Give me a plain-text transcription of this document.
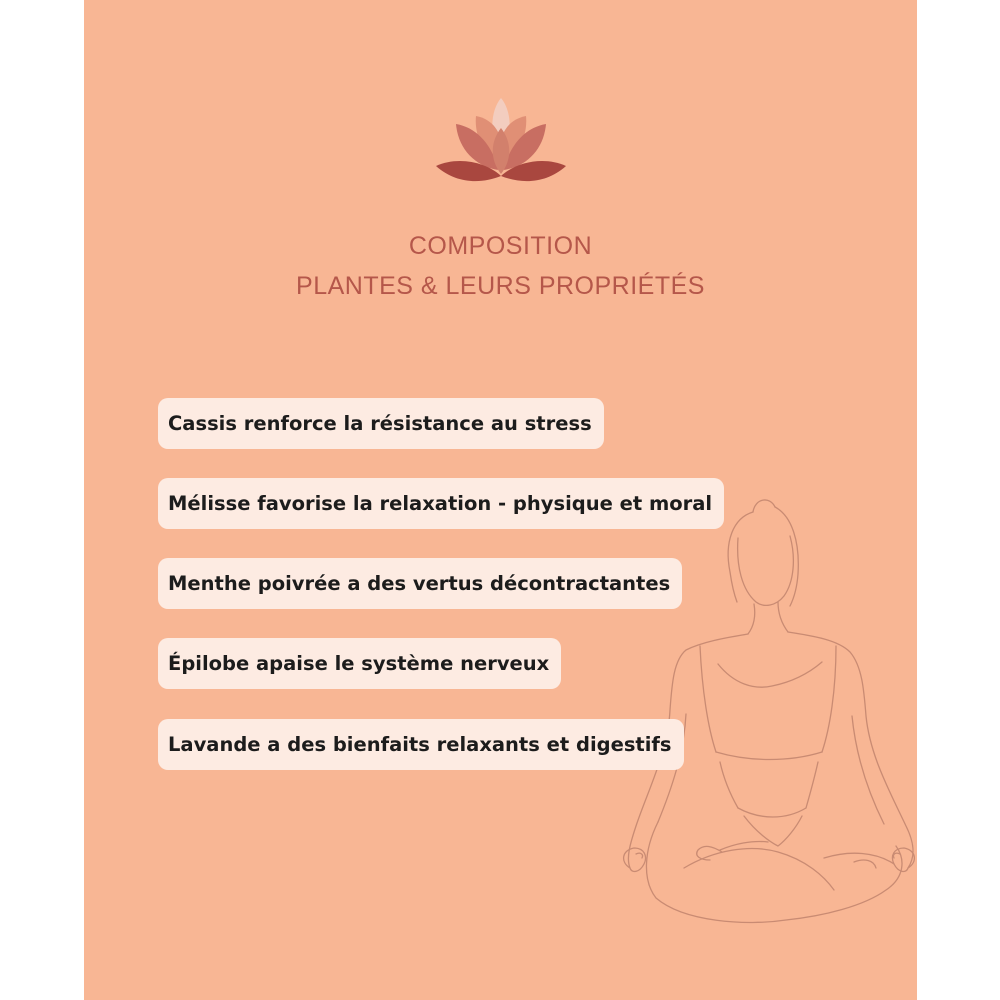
COMPOSITION
PLANTES & LEURS PROPRIÉTÉS
Cassis renforce la résistance au stress
Mélisse favorise la relaxation - physique et moral
Menthe poivrée a des vertus décontractantes
Épilobe apaise le système nerveux
Lavande a des bienfaits relaxants et digestifs
